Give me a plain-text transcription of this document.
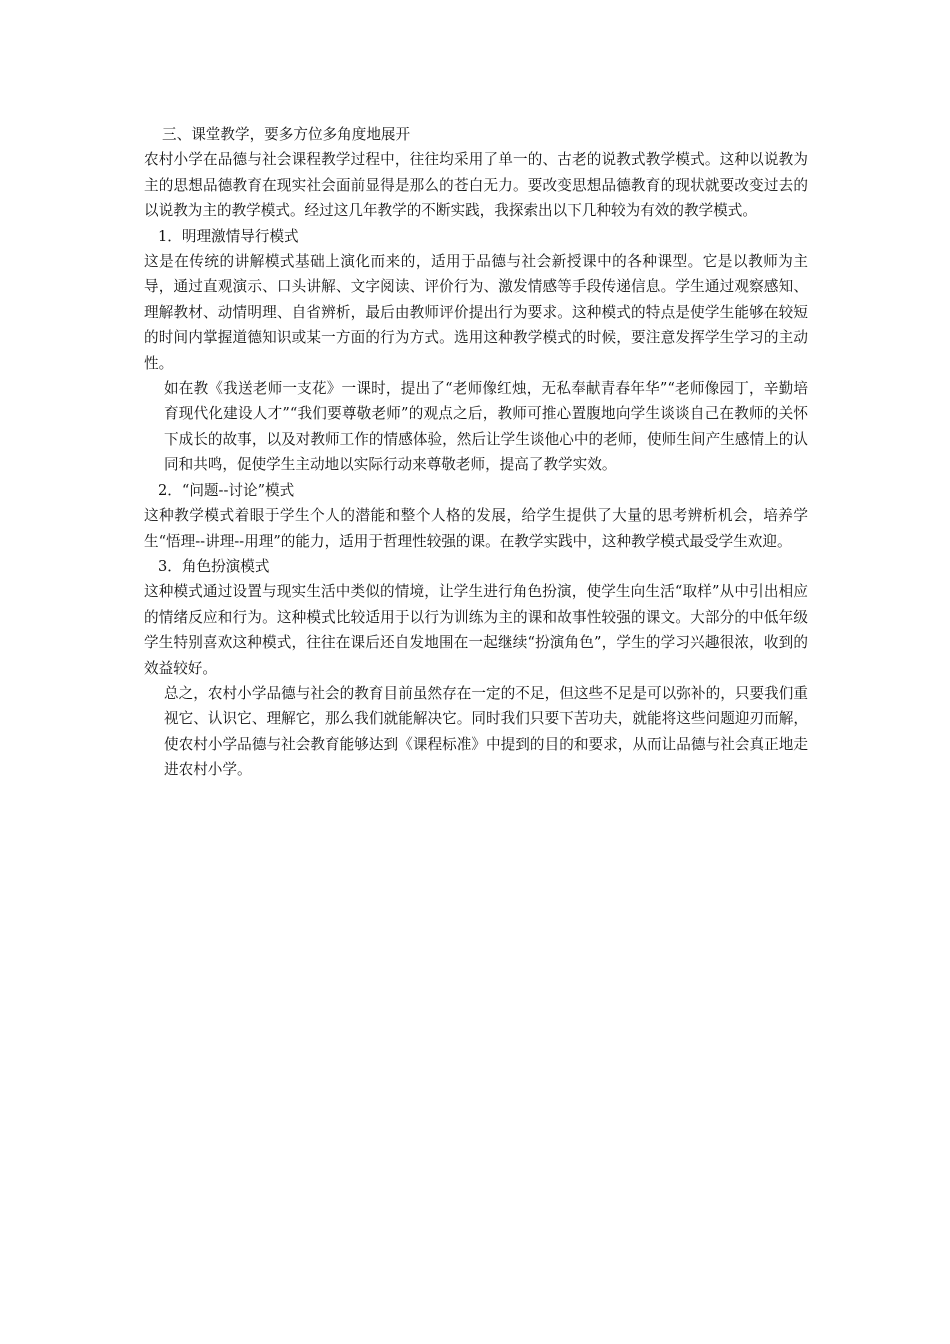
三、课堂教学，要多方位多角度地展开

农村小学在品德与社会课程教学过程中，往往均采用了单一的、古老的说教式教学模式。这种以说教为主的思想品德教育在现实社会面前显得是那么的苍白无力。要改变思想品德教育的现状就要改变过去的以说教为主的教学模式。经过这几年教学的不断实践，我探索出以下几种较为有效的教学模式。

1．明理激情导行模式

这是在传统的讲解模式基础上演化而来的，适用于品德与社会新授课中的各种课型。它是以教师为主导，通过直观演示、口头讲解、文字阅读、评价行为、激发情感等手段传递信息。学生通过观察感知、理解教材、动情明理、自省辨析，最后由教师评价提出行为要求。这种模式的特点是使学生能够在较短的时间内掌握道德知识或某一方面的行为方式。选用这种教学模式的时候，要注意发挥学生学习的主动性。

如在教《我送老师一支花》一课时，提出了“老师像红烛，无私奉献青春年华”“老师像园丁，辛勤培育现代化建设人才”“我们要尊敬老师”的观点之后，教师可推心置腹地向学生谈谈自己在教师的关怀下成长的故事，以及对教师工作的情感体验，然后让学生谈他心中的老师，使师生间产生感情上的认同和共鸣，促使学生主动地以实际行动来尊敬老师，提高了教学实效。

2．“问题--讨论”模式

这种教学模式着眼于学生个人的潜能和整个人格的发展，给学生提供了大量的思考辨析机会，培养学生“悟理--讲理--用理”的能力，适用于哲理性较强的课。在教学实践中，这种教学模式最受学生欢迎。

3．角色扮演模式

这种模式通过设置与现实生活中类似的情境，让学生进行角色扮演，使学生向生活“取样”从中引出相应的情绪反应和行为。这种模式比较适用于以行为训练为主的课和故事性较强的课文。大部分的中低年级学生特别喜欢这种模式，往往在课后还自发地围在一起继续“扮演角色”，学生的学习兴趣很浓，收到的效益较好。

总之，农村小学品德与社会的教育目前虽然存在一定的不足，但这些不足是可以弥补的，只要我们重视它、认识它、理解它，那么我们就能解决它。同时我们只要下苦功夫，就能将这些问题迎刃而解，使农村小学品德与社会教育能够达到《课程标准》中提到的目的和要求，从而让品德与社会真正地走进农村小学。
